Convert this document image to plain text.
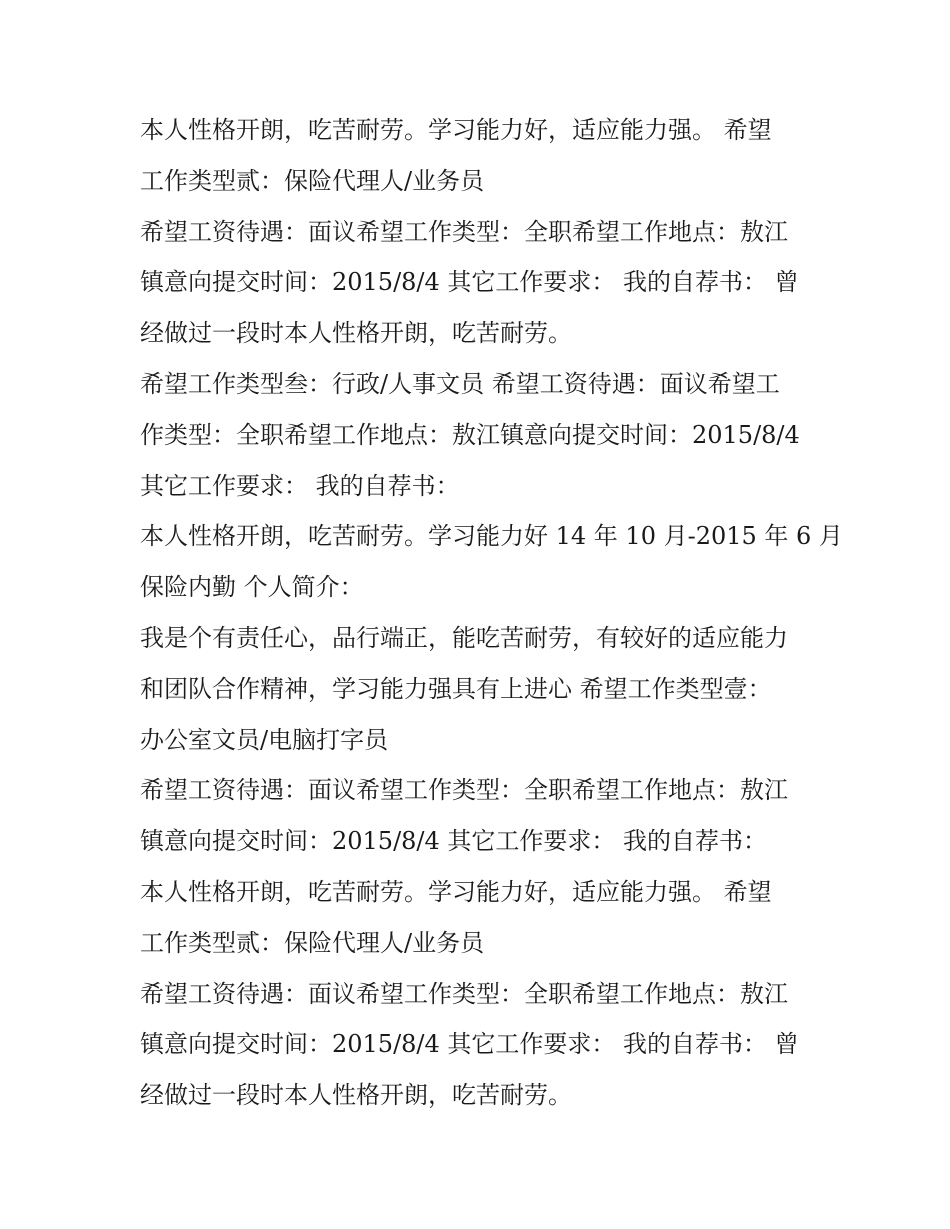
本人性格开朗，吃苦耐劳。学习能力好，适应能力强。 希望
工作类型贰：保险代理人/业务员
希望工资待遇：面议希望工作类型：全职希望工作地点：敖江
镇意向提交时间：2015/8/4 其它工作要求： 我的自荐书： 曾
经做过一段时本人性格开朗，吃苦耐劳。
希望工作类型叁：行政/人事文员 希望工资待遇：面议希望工
作类型：全职希望工作地点：敖江镇意向提交时间：2015/8/4
其它工作要求： 我的自荐书：
本人性格开朗，吃苦耐劳。学习能力好 14 年 10 月-2015 年 6 月
保险内勤 个人简介：
我是个有责任心，品行端正，能吃苦耐劳，有较好的适应能力
和团队合作精神，学习能力强具有上进心 希望工作类型壹：
办公室文员/电脑打字员
希望工资待遇：面议希望工作类型：全职希望工作地点：敖江
镇意向提交时间：2015/8/4 其它工作要求： 我的自荐书：
本人性格开朗，吃苦耐劳。学习能力好，适应能力强。 希望
工作类型贰：保险代理人/业务员
希望工资待遇：面议希望工作类型：全职希望工作地点：敖江
镇意向提交时间：2015/8/4 其它工作要求： 我的自荐书： 曾
经做过一段时本人性格开朗，吃苦耐劳。
